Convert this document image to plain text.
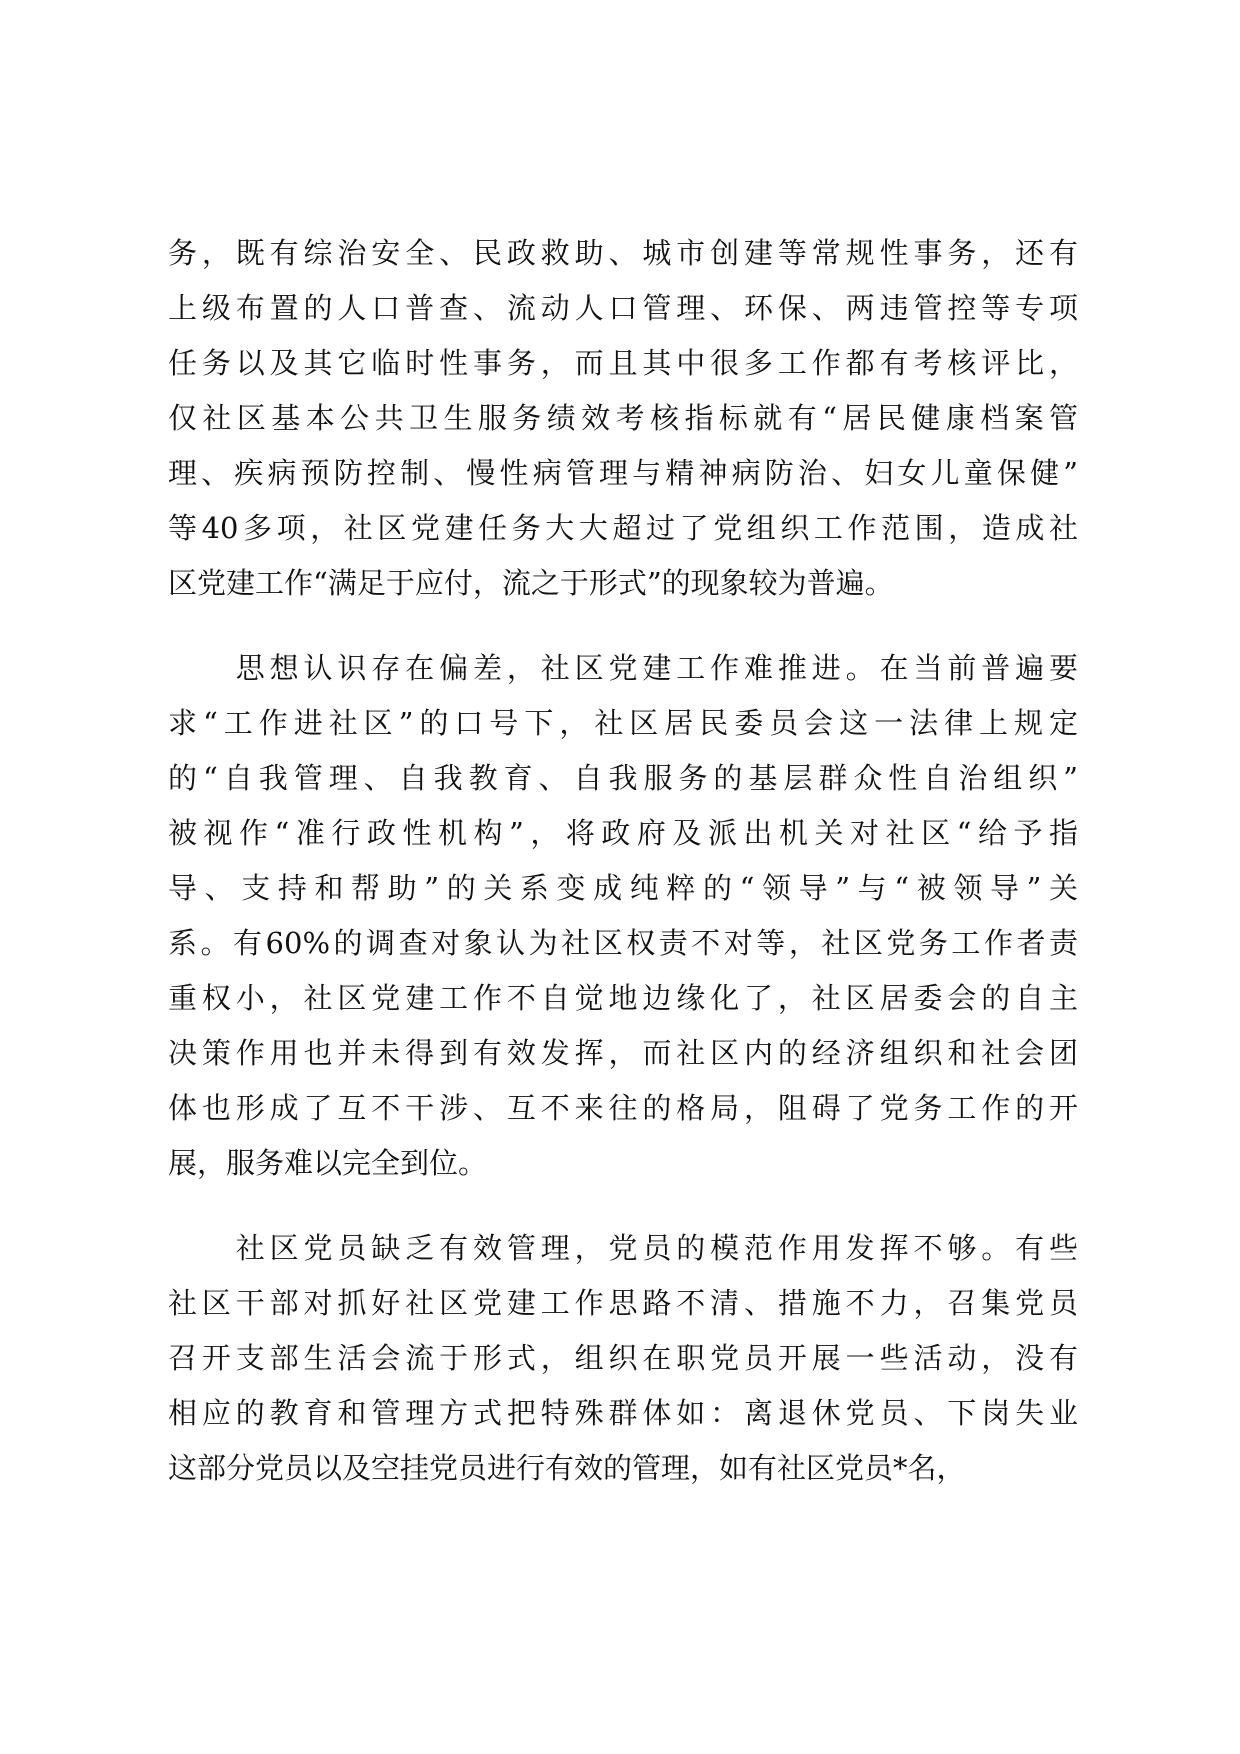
务，既有综治安全、民政救助、城市创建等常规性事务，还有
上级布置的人口普查、流动人口管理、环保、两违管控等专项
任务以及其它临时性事务，而且其中很多工作都有考核评比，
仅社区基本公共卫生服务绩效考核指标就有“居民健康档案管
理、疾病预防控制、慢性病管理与精神病防治、妇女儿童保健”
等40多项，社区党建任务大大超过了党组织工作范围，造成社
区党建工作“满足于应付，流之于形式”的现象较为普遍。
　　思想认识存在偏差，社区党建工作难推进。在当前普遍要
求“工作进社区”的口号下，社区居民委员会这一法律上规定
的“自我管理、自我教育、自我服务的基层群众性自治组织”
被视作“准行政性机构”，将政府及派出机关对社区“给予指
导、支持和帮助”的关系变成纯粹的“领导”与“被领导”关
系。有60%的调查对象认为社区权责不对等，社区党务工作者责
重权小，社区党建工作不自觉地边缘化了，社区居委会的自主
决策作用也并未得到有效发挥，而社区内的经济组织和社会团
体也形成了互不干涉、互不来往的格局，阻碍了党务工作的开
展，服务难以完全到位。
　　社区党员缺乏有效管理，党员的模范作用发挥不够。有些
社区干部对抓好社区党建工作思路不清、措施不力，召集党员
召开支部生活会流于形式，组织在职党员开展一些活动，没有
相应的教育和管理方式把特殊群体如：离退休党员、下岗失业
这部分党员以及空挂党员进行有效的管理，如有社区党员*名，
